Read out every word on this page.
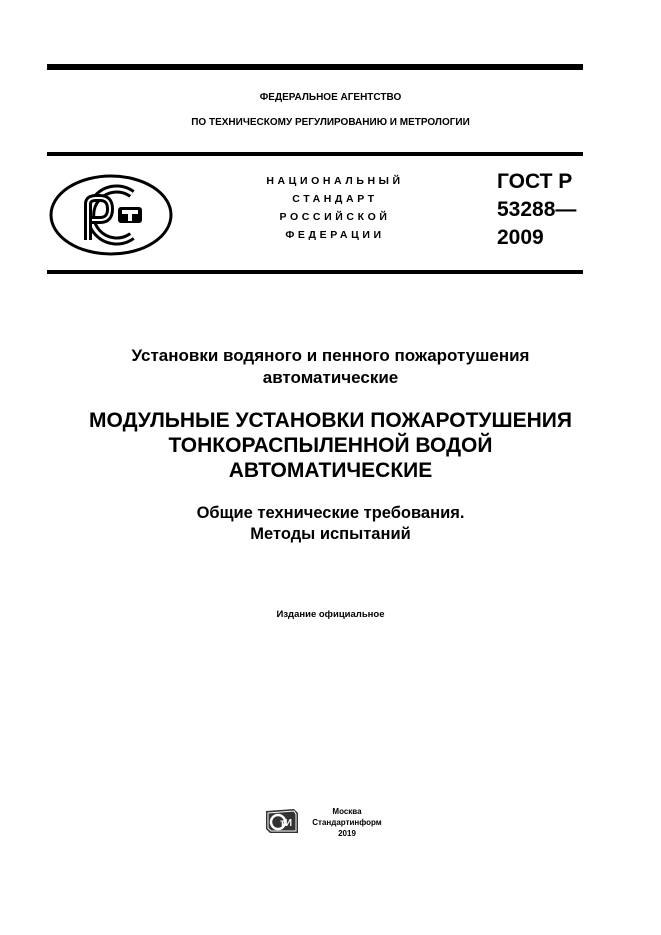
ФЕДЕРАЛЬНОЕ АГЕНТСТВО
ПО ТЕХНИЧЕСКОМУ РЕГУЛИРОВАНИЮ И МЕТРОЛОГИИ
НАЦИОНАЛЬНЫЙ
СТАНДАРТ
РОССИЙСКОЙ
ФЕДЕРАЦИИ
ГОСТ Р
53288—
2009
Установки водяного и пенного пожаротушения
автоматические
МОДУЛЬНЫЕ УСТАНОВКИ ПОЖАРОТУШЕНИЯ
ТОНКОРАСПЫЛЕННОЙ ВОДОЙ
АВТОМАТИЧЕСКИЕ
Общие технические требования.
Методы испытаний
Издание официальное
тИ
Москва
Стандартинформ
2019
